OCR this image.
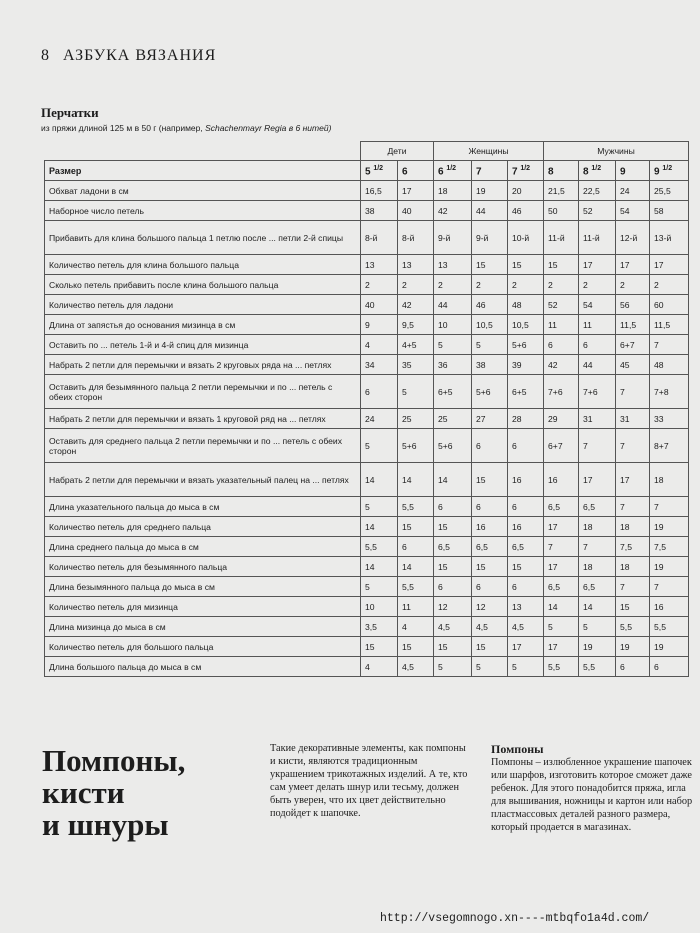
8 АЗБУКА ВЯЗАНИЯ
Перчатки
из пряжи длиной 125 м в 50 г (например, Schachenmayr Regia в 6 нитей)
	Дети		Женщины			Мужчины			
Размер	5 $^{1/2}$	6	6 $^{1/2}$	7	7 $^{1/2}$	8	8 $^{1/2}$	9	9 $^{1/2}$
Обхват ладони в см	16,5	17	18	19	20	21,5	22,5	24	25,5
Наборное число петель	38	40	42	44	46	50	52	54	58
Прибавить для клина большого пальца 1 петлю после ... петли 2-й спицы	8-й	8-й	9-й	9-й	10-й	11-й	11-й	12-й	13-й
Количество петель для клина большого пальца	13	13	13	15	15	15	17	17	17
Сколько петель прибавить после клина большого пальца	2	2	2	2	2	2	2	2	2
Количество петель для ладони	40	42	44	46	48	52	54	56	60
Длина от запястья до основания мизинца в см	9	9,5	10	10,5	10,5	11	11	11,5	11,5
Оставить по ... петель 1-й и 4-й спиц для мизинца	4	4+5	5	5	5+6	6	6	6+7	7
Набрать 2 петли для перемычки и вязать 2 круговых ряда на ... петлях	34	35	36	38	39	42	44	45	48
Оставить для безымянного пальца 2 петли перемычки и по ... петель с обеих сторон	6	5	6+5	5+6	6+5	7+6	7+6	7	7+8
Набрать 2 петли для перемычки и вязать 1 круговой ряд на ... петлях	24	25	25	27	28	29	31	31	33
Оставить для среднего пальца 2 петли перемычки и по ... петель с обеих сторон	5	5+6	5+6	6	6	6+7	7	7	8+7
Набрать 2 петли для перемычки и вязать указательный палец на ... петлях	14	14	14	15	16	16	17	17	18
Длина указательного пальца до мыса в см	5	5,5	6	6	6	6,5	6,5	7	7
Количество петель для среднего пальца	14	15	15	16	16	17	18	18	19
Длина среднего пальца до мыса в см	5,5	6	6,5	6,5	6,5	7	7	7,5	7,5
Количество петель для безымянного пальца	14	14	15	15	15	17	18	18	19
Длина безымянного пальца до мыса в см	5	5,5	6	6	6	6,5	6,5	7	7
Количество петель для мизинца	10	11	12	12	13	14	14	15	16
Длина мизинца до мыса в см	3,5	4	4,5	4,5	4,5	5	5	5,5	5,5
Количество петель для большого пальца	15	15	15	15	17	17	19	19	19
Длина большого пальца до мыса в см	4	4,5	5	5	5	5,5	5,5	6	6
Помпоны,
кисти
и шнуры
Такие декоративные элементы, как помпоны и кисти, являются традиционным украшением трикотажных изделий. А те, кто сам умеет делать шнур или тесьму, должен быть уверен, что их цвет действительно подойдет к шапочке.
Помпоны
Помпоны – излюбленное украшение шапочек или шарфов, изготовить которое сможет даже ребенок. Для этого понадобится пряжа, игла для вышивания, ножницы и картон или набор пластмассовых деталей разного размера, который продается в магазинах.
http://vsegomnogo.xn----mtbqfo1a4d.com/
